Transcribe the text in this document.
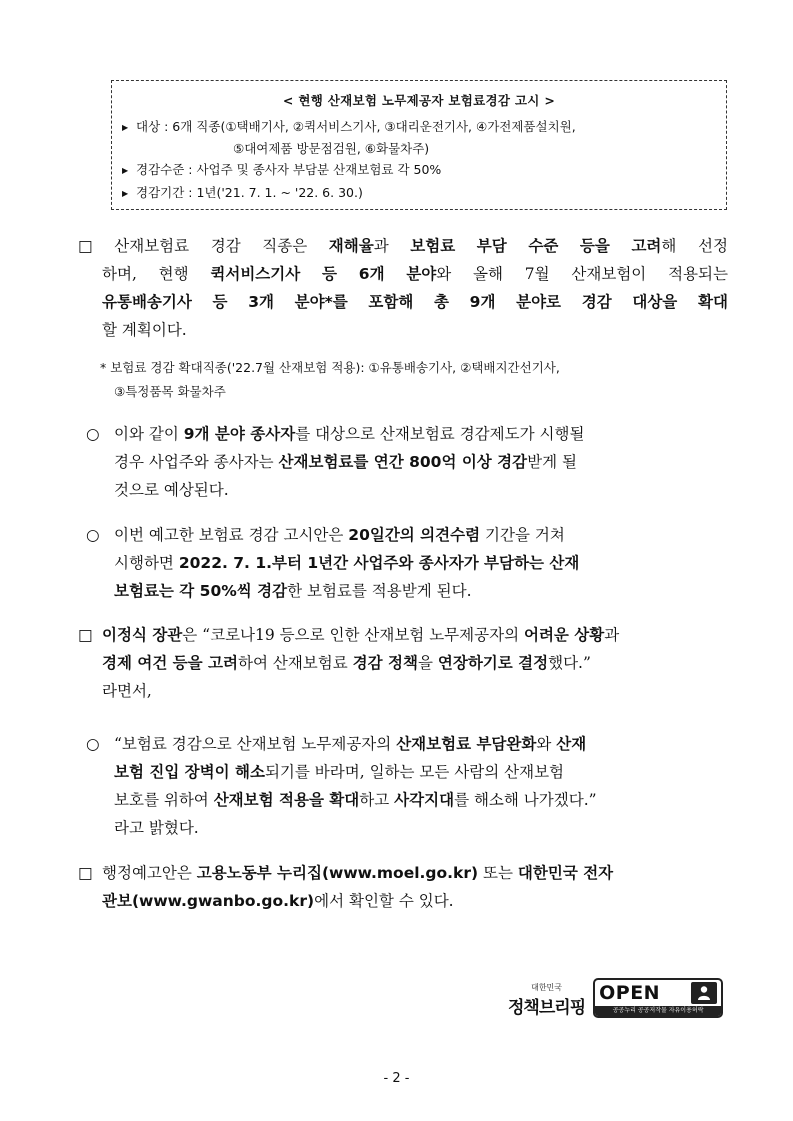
< 현행 산재보험 노무제공자 보험료경감 고시 >
▶ 대상 : 6개 직종(①택배기사, ②퀵서비스기사, ③대리운전기사, ④가전제품설치원,
⑤대여제품 방문점검원, ⑥화물차주)
▶ 경감수준 : 사업주 및 종사자 부담분 산재보험료 각 50%
▶ 경감기간 : 1년('21. 7. 1. ~ '22. 6. 30.)
□ 산재보험료 경감 직종은 재해율과 보험료 부담 수준 등을 고려해 선정
하며, 현행 퀵서비스기사 등 6개 분야와 올해 7월 산재보험이 적용되는
유통배송기사 등 3개 분야*를 포함해 총 9개 분야로 경감 대상을 확대
할 계획이다.
* 보험료 경감 확대직종('22.7월 산재보험 적용): ①유통배송기사, ②택배지간선기사,
③특정품목 화물차주
○ 이와 같이 9개 분야 종사자를 대상으로 산재보험료 경감제도가 시행될
경우 사업주와 종사자는 산재보험료를 연간 800억 이상 경감받게 될
것으로 예상된다.
○ 이번 예고한 보험료 경감 고시안은 20일간의 의견수렴 기간을 거쳐
시행하면 2022. 7. 1.부터 1년간 사업주와 종사자가 부담하는 산재
보험료는 각 50%씩 경감한 보험료를 적용받게 된다.
□ 이정식 장관은 “코로나19 등으로 인한 산재보험 노무제공자의 어려운 상황과
경제 여건 등을 고려하여 산재보험료 경감 정책을 연장하기로 결정했다.”
라면서,
○ “보험료 경감으로 산재보험 노무제공자의 산재보험료 부담완화와 산재
보험 진입 장벽이 해소되기를 바라며, 일하는 모든 사람의 산재보험
보호를 위하여 산재보험 적용을 확대하고 사각지대를 해소해 나가겠다.”
라고 밝혔다.
□ 행정예고안은 고용노동부 누리집(www.moel.go.kr) 또는 대한민국 전자
관보(www.gwanbo.go.kr)에서 확인할 수 있다.
대한민국
정책브리핑
OPEN
공공누리 공공저작물 자유이용허락
- 2 -
